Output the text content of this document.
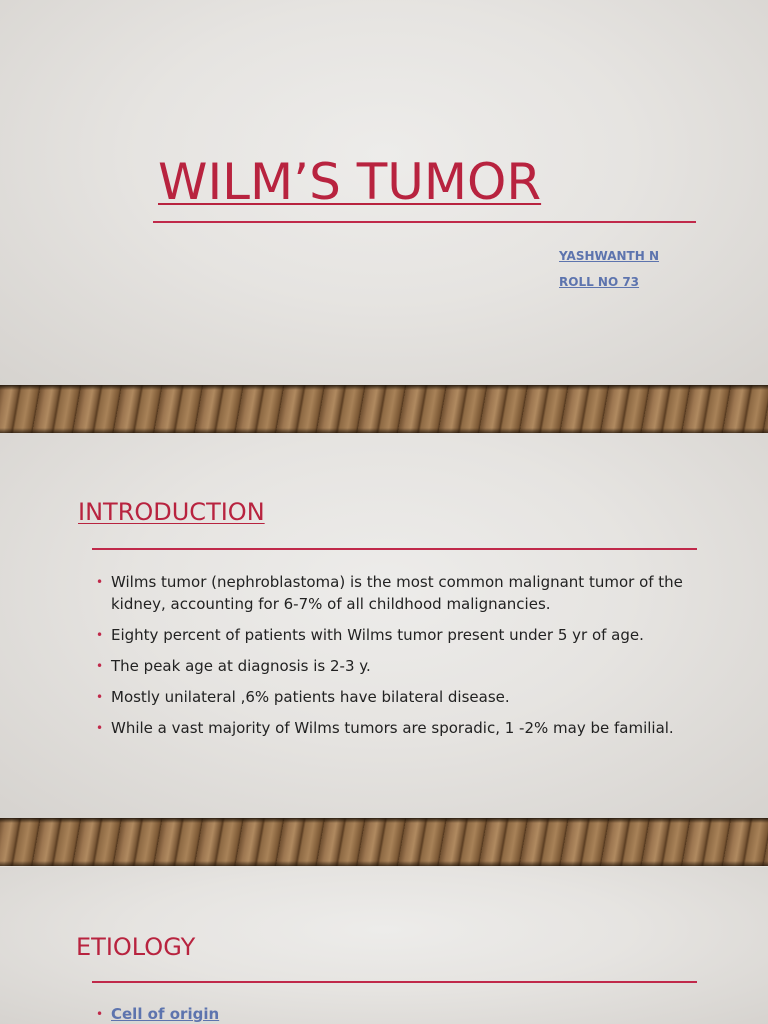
WILM’S TUMOR

YASHWANTH N

ROLL NO 73

INTRODUCTION
• Wilms tumor (nephroblastoma) is the most common malignant tumor of the kidney, accounting for 6-7% of all childhood malignancies.
• Eighty percent of patients with Wilms tumor present under 5 yr of age.
• The peak age at diagnosis is 2-3 y.
• Mostly unilateral ,6% patients have bilateral disease.
• While a vast majority of Wilms tumors are sporadic, 1 -2% may be familial.
ETIOLOGY
• Cell of origin
